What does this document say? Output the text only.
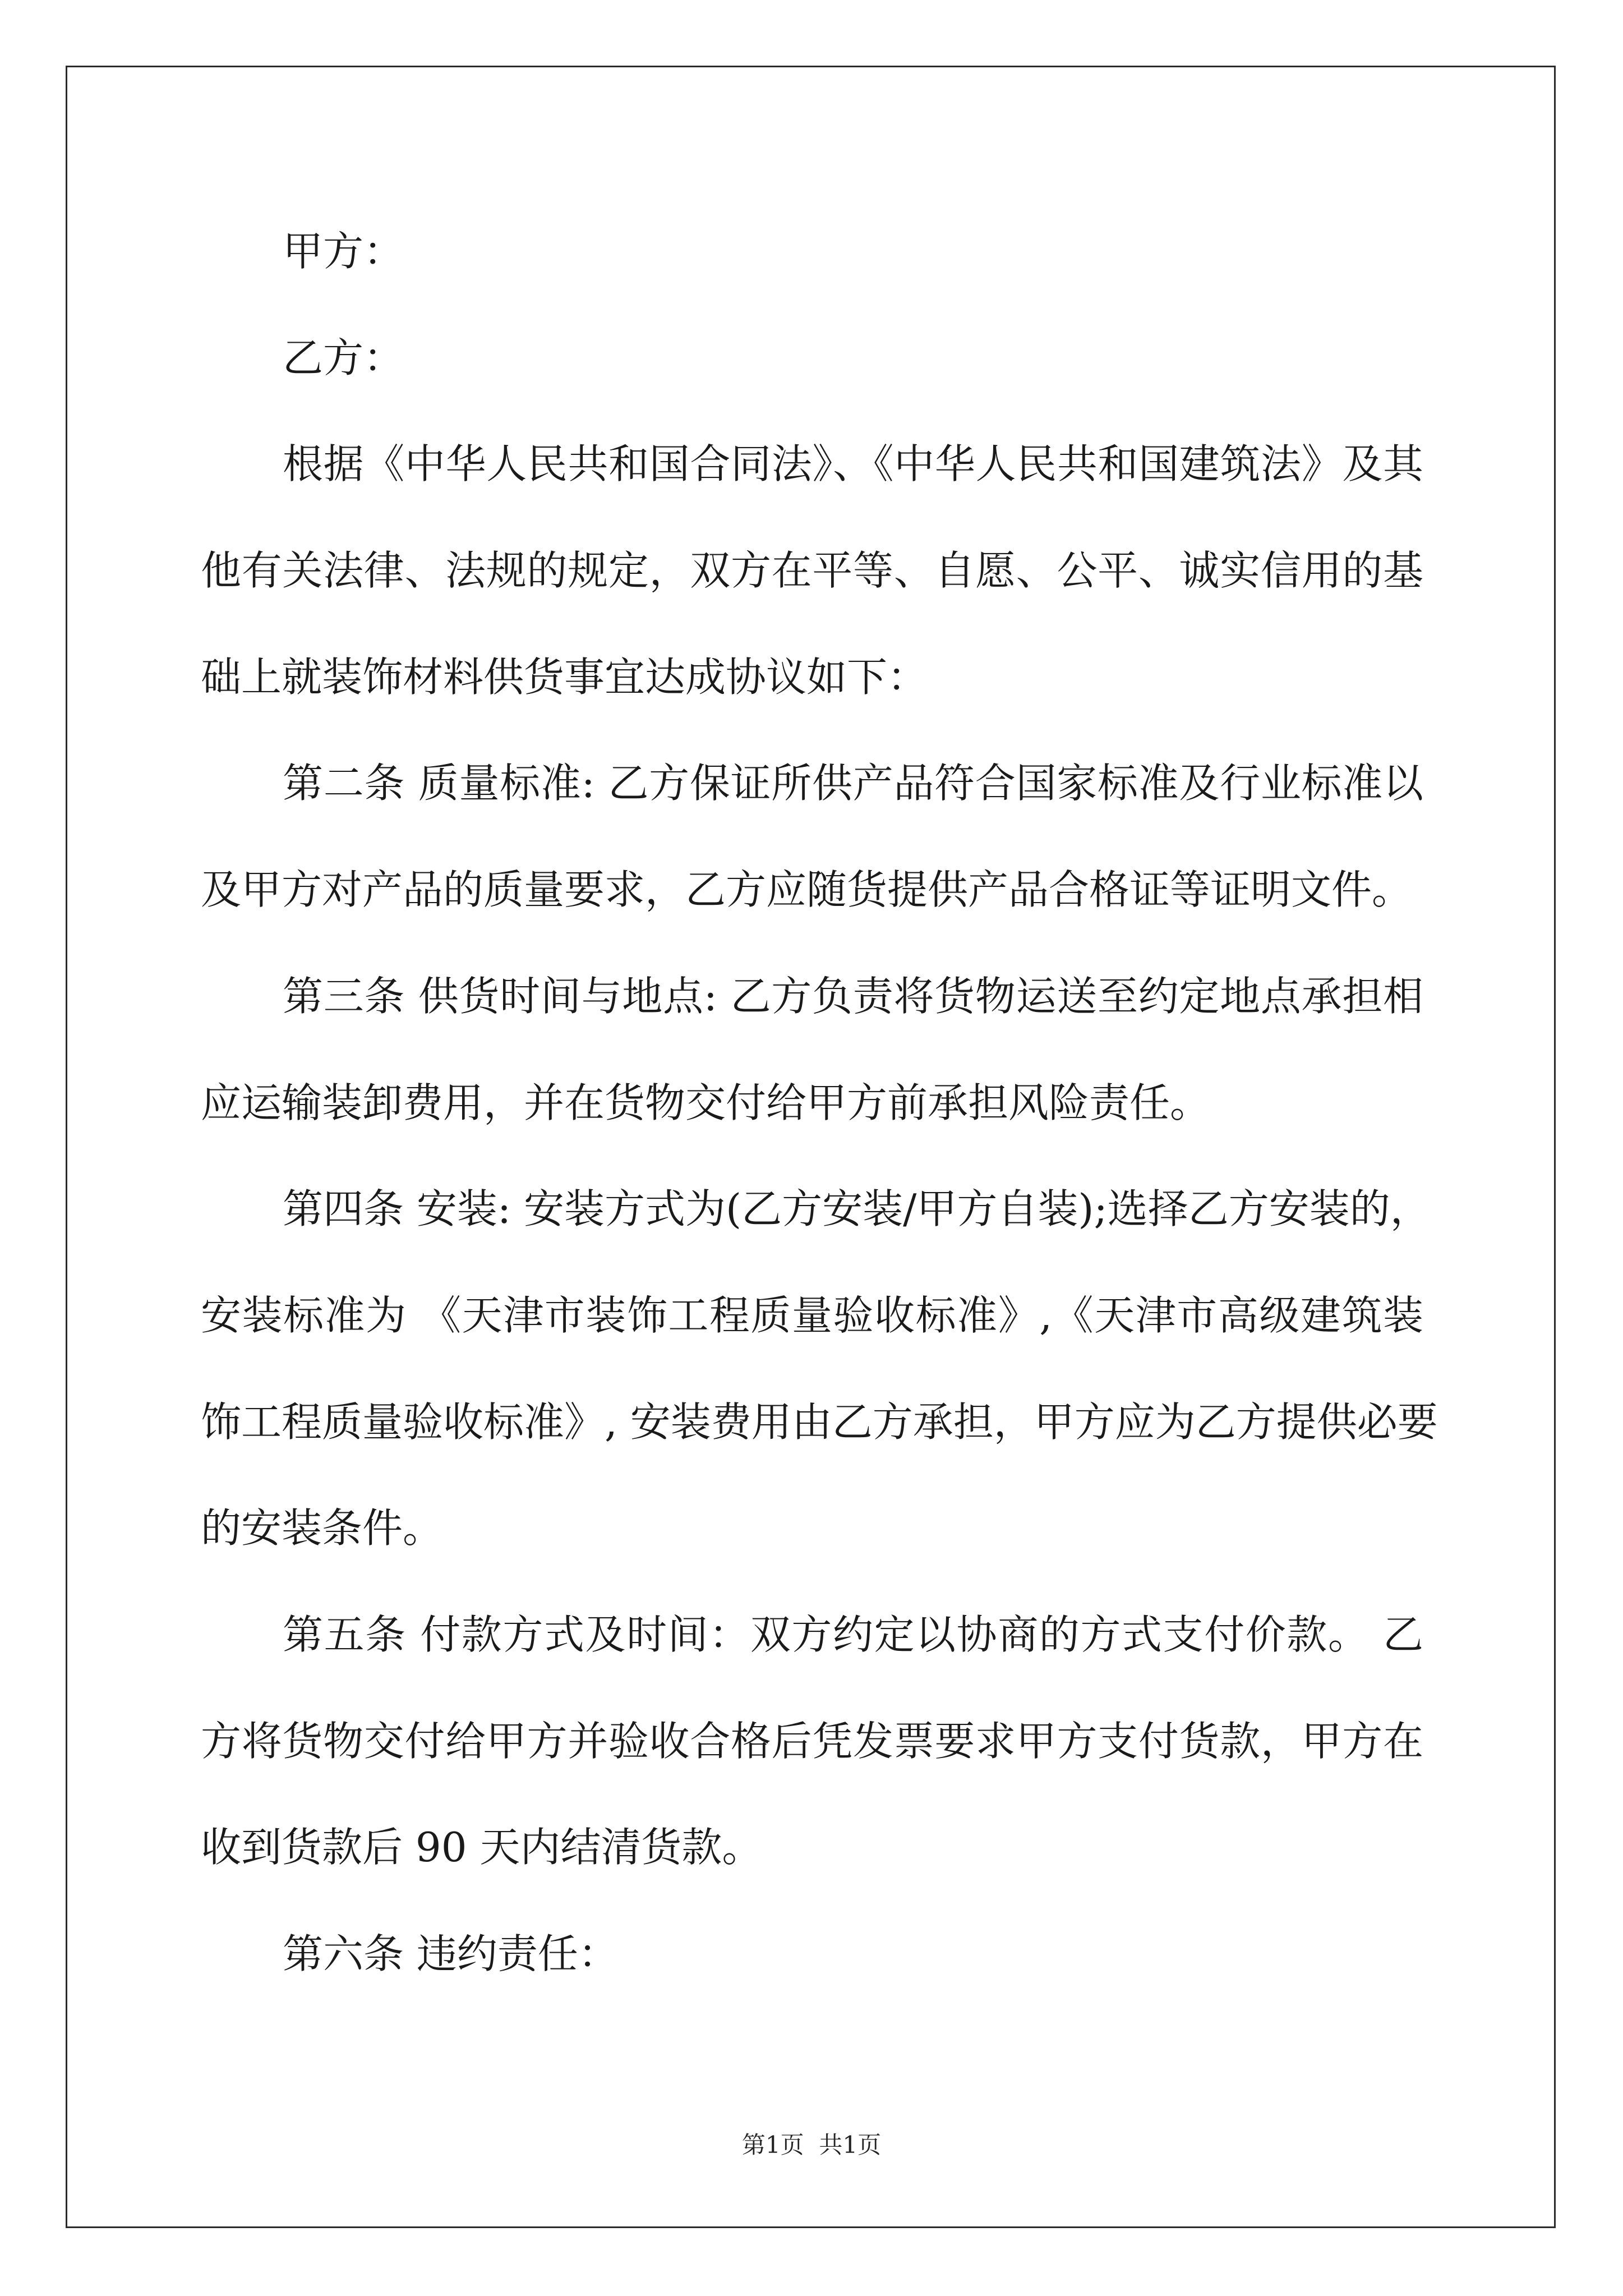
甲方：
乙方：
根据《中华人民共和国合同法》、《中华人民共和国建筑法》及其
他有关法律、法规的规定，双方在平等、自愿、公平、诚实信用的基
础上就装饰材料供货事宜达成协议如下：
第二条 质量标准: 乙方保证所供产品符合国家标准及行业标准以
及甲方对产品的质量要求，乙方应随货提供产品合格证等证明文件。
第三条 供货时间与地点: 乙方负责将货物运送至约定地点承担相
应运输装卸费用，并在货物交付给甲方前承担风险责任。
第四条 安装: 安装方式为(乙方安装/甲方自装);选择乙方安装的，
安装标准为 《天津市装饰工程质量验收标准》,《天津市高级建筑装
饰工程质量验收标准》, 安装费用由乙方承担，甲方应为乙方提供必要
的安装条件。
第五条 付款方式及时间：双方约定以协商的方式支付价款。 乙
方将货物交付给甲方并验收合格后凭发票要求甲方支付货款，甲方在
收到货款后 90 天内结清货款。
第六条 违约责任：
第1页  共1页
